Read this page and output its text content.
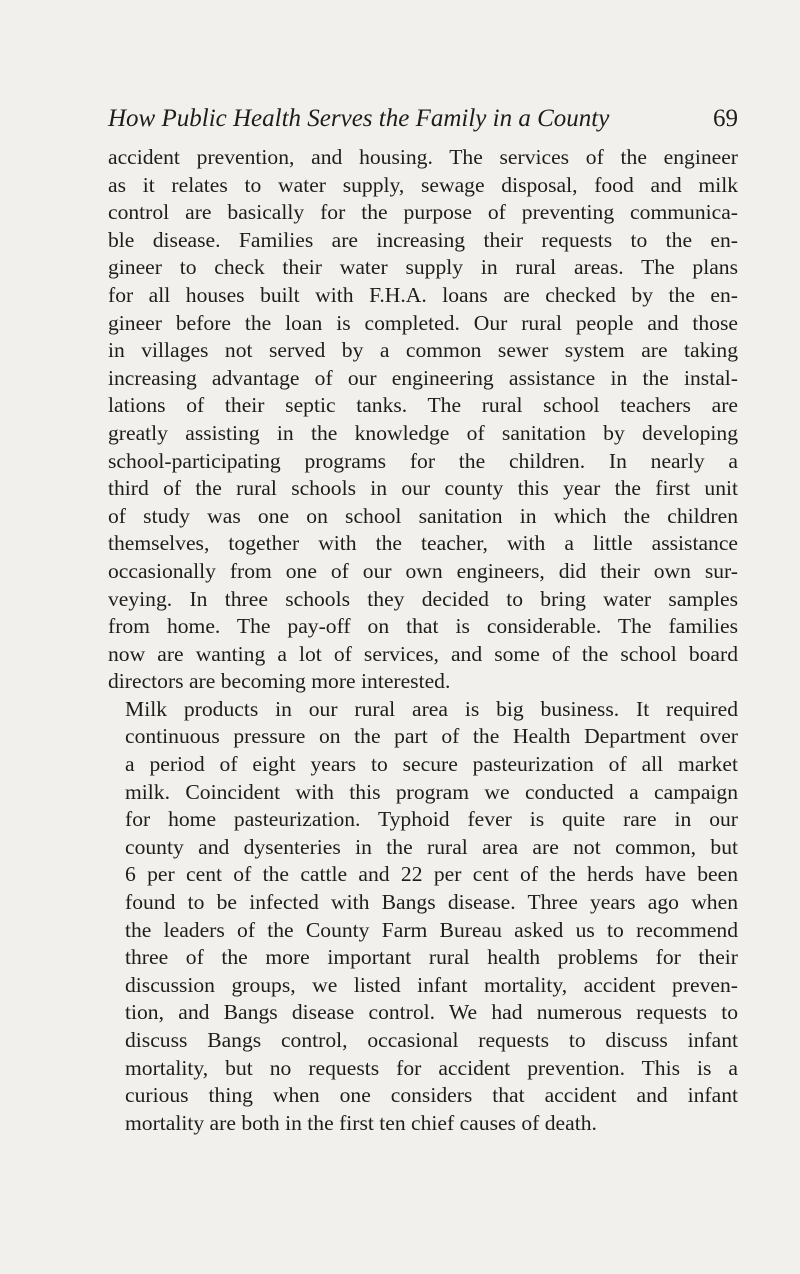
How Public Health Serves the Family in a County	69

accident prevention, and housing. The services of the engineer
as it relates to water supply, sewage disposal, food and milk
control are basically for the purpose of preventing communica-
ble disease. Families are increasing their requests to the en-
gineer to check their water supply in rural areas. The plans
for all houses built with F.H.A. loans are checked by the en-
gineer before the loan is completed. Our rural people and those
in villages not served by a common sewer system are taking
increasing advantage of our engineering assistance in the instal-
lations of their septic tanks. The rural school teachers are
greatly assisting in the knowledge of sanitation by developing
school-participating programs for the children. In nearly a
third of the rural schools in our county this year the first unit
of study was one on school sanitation in which the children
themselves, together with the teacher, with a little assistance
occasionally from one of our own engineers, did their own sur-
veying. In three schools they decided to bring water samples
from home. The pay-off on that is considerable. The families
now are wanting a lot of services, and some of the school board
directors are becoming more interested.

Milk products in our rural area is big business. It required
continuous pressure on the part of the Health Department over
a period of eight years to secure pasteurization of all market
milk. Coincident with this program we conducted a campaign
for home pasteurization. Typhoid fever is quite rare in our
county and dysenteries in the rural area are not common, but
6 per cent of the cattle and 22 per cent of the herds have been
found to be infected with Bangs disease. Three years ago when
the leaders of the County Farm Bureau asked us to recommend
three of the more important rural health problems for their
discussion groups, we listed infant mortality, accident preven-
tion, and Bangs disease control. We had numerous requests to
discuss Bangs control, occasional requests to discuss infant
mortality, but no requests for accident prevention. This is a
curious thing when one considers that accident and infant
mortality are both in the first ten chief causes of death.
